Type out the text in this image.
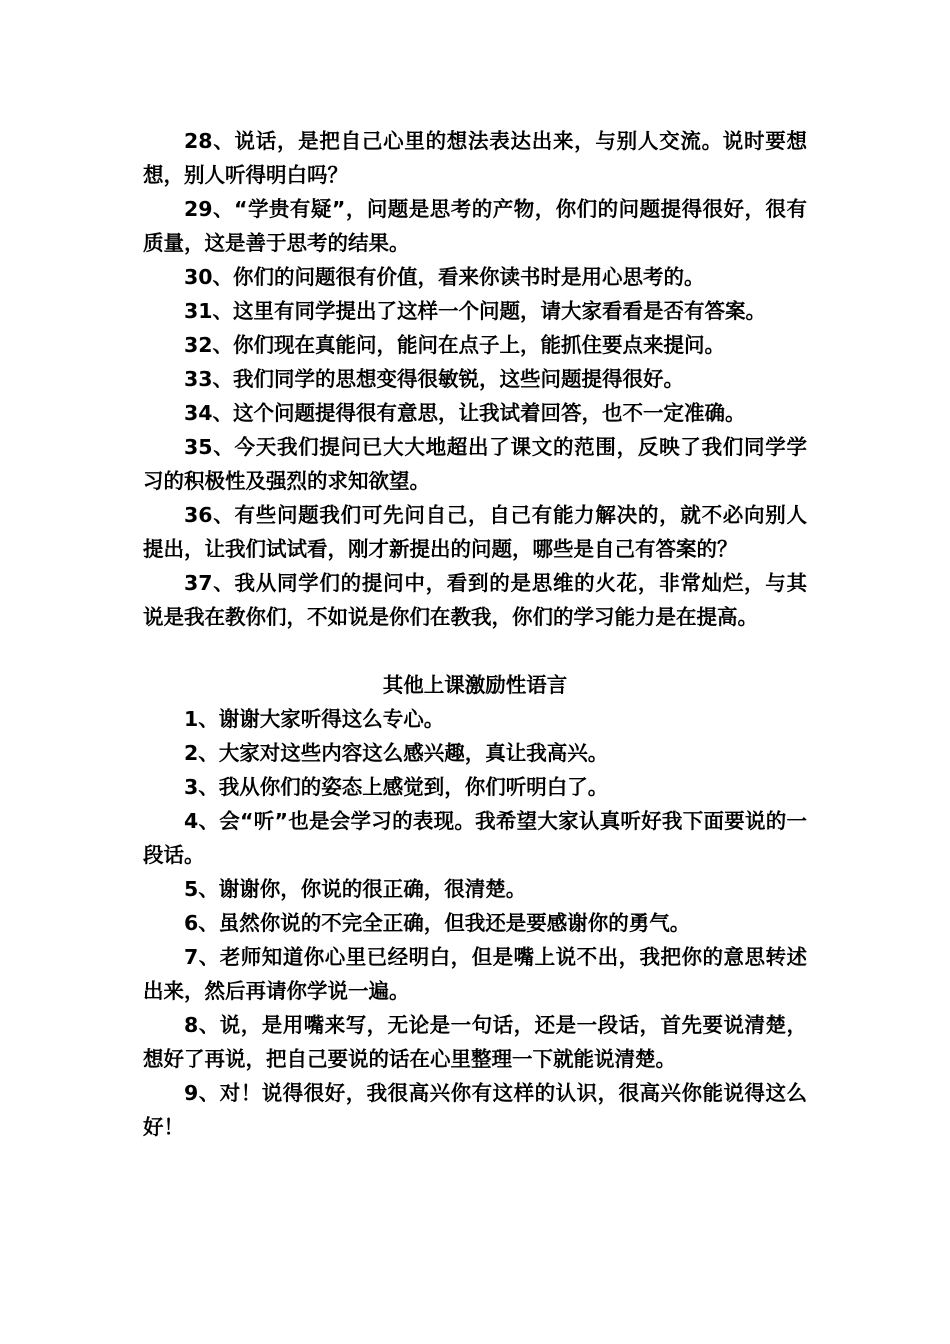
28、说话，是把自己心里的想法表达出来，与别人交流。说时要想想，别人听得明白吗？

29、“学贵有疑”，问题是思考的产物，你们的问题提得很好，很有质量，这是善于思考的结果。

30、你们的问题很有价值，看来你读书时是用心思考的。

31、这里有同学提出了这样一个问题，请大家看看是否有答案。

32、你们现在真能问，能问在点子上，能抓住要点来提问。

33、我们同学的思想变得很敏锐，这些问题提得很好。

34、这个问题提得很有意思，让我试着回答，也不一定准确。

35、今天我们提问已大大地超出了课文的范围，反映了我们同学学习的积极性及强烈的求知欲望。

36、有些问题我们可先问自己，自己有能力解决的，就不必向别人提出，让我们试试看，刚才新提出的问题，哪些是自己有答案的？

37、我从同学们的提问中，看到的是思维的火花，非常灿烂，与其说是我在教你们，不如说是你们在教我，你们的学习能力是在提高。

其他上课激励性语言

1、谢谢大家听得这么专心。

2、大家对这些内容这么感兴趣，真让我高兴。

3、我从你们的姿态上感觉到，你们听明白了。

4、会“听”也是会学习的表现。我希望大家认真听好我下面要说的一段话。

5、谢谢你，你说的很正确，很清楚。

6、虽然你说的不完全正确，但我还是要感谢你的勇气。

7、老师知道你心里已经明白，但是嘴上说不出，我把你的意思转述出来，然后再请你学说一遍。

8、说，是用嘴来写，无论是一句话，还是一段话，首先要说清楚，想好了再说，把自己要说的话在心里整理一下就能说清楚。

9、对！说得很好，我很高兴你有这样的认识，很高兴你能说得这么好！
